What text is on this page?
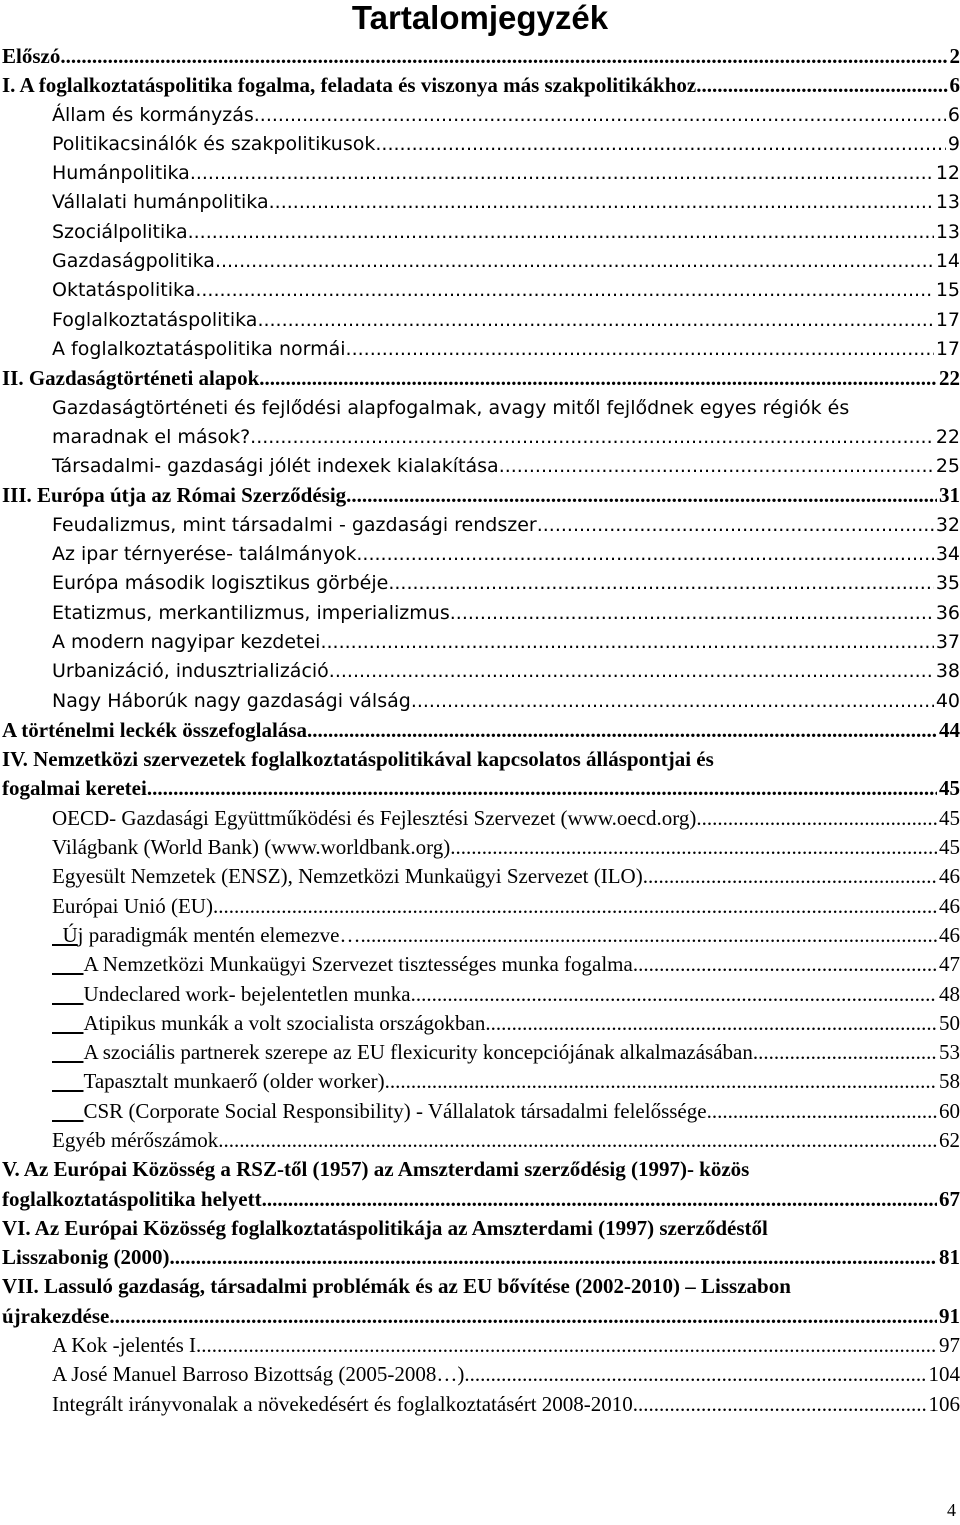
Tartalomjegyzék
Előszó .....	2
I. A foglalkoztatáspolitika fogalma, feladata és viszonya más szakpolitikákhoz .....	6
Állam és kormányzás .....	6
Politikacsinálók és szakpolitikusok .....	9
Humánpolitika .....	12
Vállalati humánpolitika .....	13
Szociálpolitika .....	13
Gazdaságpolitika .....	14
Oktatáspolitika .....	15
Foglalkoztatáspolitika .....	17
A foglalkoztatáspolitika normái .....	17
II. Gazdaságtörténeti alapok .....	22
Gazdaságtörténeti és fejlődési alapfogalmak, avagy mitől fejlődnek egyes régiók és
maradnak el mások? .....	22
Társadalmi- gazdasági jólét indexek kialakítása .....	25
III. Európa útja az Római Szerződésig .....	31
Feudalizmus, mint társadalmi - gazdasági rendszer .....	32
Az ipar térnyerése- találmányok .....	34
Európa második logisztikus görbéje .....	35
Etatizmus, merkantilizmus, imperializmus .....	36
A modern nagyipar kezdetei .....	37
Urbanizáció, indusztrializáció .....	38
Nagy Háborúk nagy gazdasági válság .....	40
A történelmi leckék összefoglalása .....	44
IV. Nemzetközi szervezetek foglalkoztatáspolitikával kapcsolatos álláspontjai és
fogalmai keretei .....	45
OECD- Gazdasági Együttműködési és Fejlesztési Szervezet (www.oecd.org) .....	45
Világbank (World Bank) (www.worldbank.org) .....	45
Egyesült Nemzetek (ENSZ), Nemzetközi Munkaügyi Szervezet (ILO) .....	46
Európai Unió (EU) .....	46
Ú j paradigmák mentén elemezve… .....	46

A Nemzetközi Munkaügyi Szervezet tisztességes munka fogalma .....	47

Undeclared work- bejelentetlen munka .....	48

Atipikus munkák a volt szocialista országokban .....	50

A szociális partnerek szerepe az EU flexicurity koncepciójának alkalmazásában .....	53

Tapasztalt munkaerő (older worker) .....	58

CSR (Corporate Social Responsibility) - Vállalatok társadalmi felelőssége .....	60
Egyéb mérőszámok .....	62
V. Az Európai Közösség a RSZ-től (1957) az Amszterdami szerződésig (1997)- közös
foglalkoztatáspolitika helyett .....	67
VI. Az Európai Közösség foglalkoztatáspolitikája az Amszterdami (1997) szerződéstől
Lisszabonig (2000) .....	81
VII. Lassuló gazdaság, társadalmi problémák és az EU bővítése (2002-2010) – Lisszabon
újrakezdése .....	91
A Kok -jelentés I. .....	97
A José Manuel Barroso Bizottság (2005-2008…) .....	104
Integrált irányvonalak a növekedésért és foglalkoztatásért 2008-2010 .....	106
4
